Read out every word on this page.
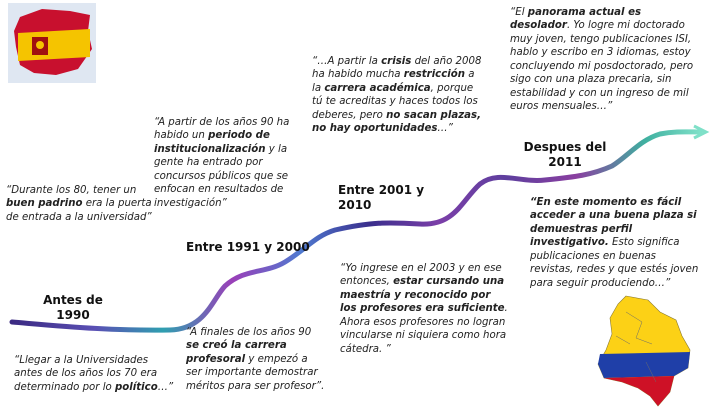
Antes de 1990
Entre 1991 y 2000
Entre 2001 y 2010
Despues del 2011
“Durante los 80, tener un buen padrino era la puerta de entrada a la universidad”
“A partir de los años 90 ha habido un periodo de institucionalización y la gente ha entrado por concursos públicos que se enfocan en resultados de investigación”
“…A partir la crisis del año 2008 ha habido mucha restricción a la carrera académica, porque tú te acreditas y haces todos los deberes, pero no sacan plazas, no hay oportunidades…”
“El panorama actual es desolador. Yo logre mi doctorado muy joven, tengo publicaciones ISI, hablo y escribo en 3 idiomas, estoy concluyendo mi posdoctorado, pero sigo con una plaza precaria, sin estabilidad y con un ingreso de mil euros mensuales…”
“Llegar a la Universidades antes de los años los 70 era determinado por lo político…”
“A finales de los años 90 se creó la carrera profesoral y empezó a ser importante demostrar méritos para ser profesor”.
“Yo ingrese en el 2003 y en ese entonces, estar cursando una maestría y reconocido por los profesores era suficiente. Ahora esos profesores no logran vincularse ni siquiera como hora cátedra. ”
“En este momento es fácil acceder a una buena plaza si demuestras perfil investigativo. Esto significa publicaciones en buenas revistas, redes y que estés joven para seguir produciendo…”
